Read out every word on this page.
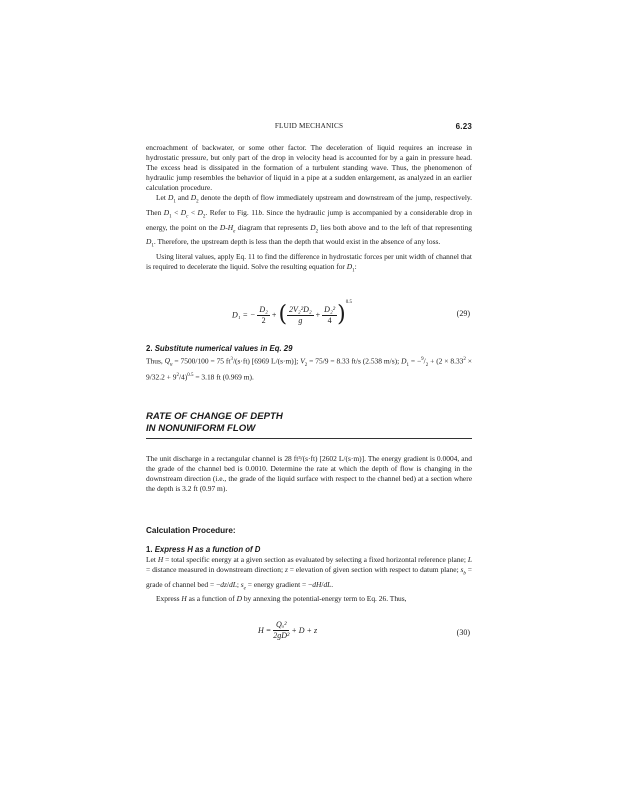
FLUID MECHANICS	6.23

encroachment of backwater, or some other factor. The deceleration of liquid requires an increase in hydrostatic pressure, but only part of the drop in velocity head is accounted for by a gain in pressure head. The excess head is dissipated in the formation of a turbulent standing wave. Thus, the phenomenon of hydraulic jump resembles the behavior of liquid in a pipe at a sudden enlargement, as analyzed in an earlier calculation procedure.

Let $D_1$ and $D_2$ denote the depth of flow immediately upstream and downstream of the jump, respectively. Then $D_1 < D_c < D_2$. Refer to Fig. 11b. Since the hydraulic jump is accompanied by a considerable drop in energy, the point on the $D-H_e$ diagram that represents $D_2$ lies both above and to the left of that representing $D_1$. Therefore, the upstream depth is less than the depth that would exist in the absence of any loss.

Using literal values, apply Eq. 11 to find the difference in hydrostatic forces per unit width of channel that is required to decelerate the liquid. Solve the resulting equation for $D_1$:

D₁ = − $\frac{\text{D₂}}{2}$ + ( $\frac{\text{2V₂²D₂}}{g} + \frac{\text{D₂²}}{4} )^{0.5}$
(29)
2. Substitute numerical values in Eq. 29

Thus, $Q_u = 7500/100 = 75$ $ft^3/(s\cdot ft)$ [6969 L/(s·m)]; $V_2 = 75/9 = 8.33$ ft/s (2.538 m/s); $D_1 = -^9/_2 + (2 \times 8.33^2 \times 9/32.2 + 9^2/4)^{0.5} = 3.18$ ft (0.969 m).

RATE OF CHANGE OF DEPTH
IN NONUNIFORM FLOW

The unit discharge in a rectangular channel is 28 ft³/(s·ft) [2602 L/(s·m)]. The energy gradient is 0.0004, and the grade of the channel bed is 0.0010. Determine the rate at which the depth of flow is changing in the downstream direction (i.e., the grade of the liquid surface with respect to the channel bed) at a section where the depth is 3.2 ft (0.97 m).

Calculation Procedure:
1. Express H as a function of D

Let H = total specific energy at a given section as evaluated by selecting a fixed horizontal reference plane; L = distance measured in downstream direction; z = elevation of given section with respect to datum plane; $s_b$ = grade of channel bed = −dz/dL; $s_e$ = energy gradient = −dH/dL.

Express H as a function of D by annexing the potential-energy term to Eq. 26. Thus,

$H = \frac{\text{Qᵤ²}}{\text{2gD²}} + D + z$	(30)
